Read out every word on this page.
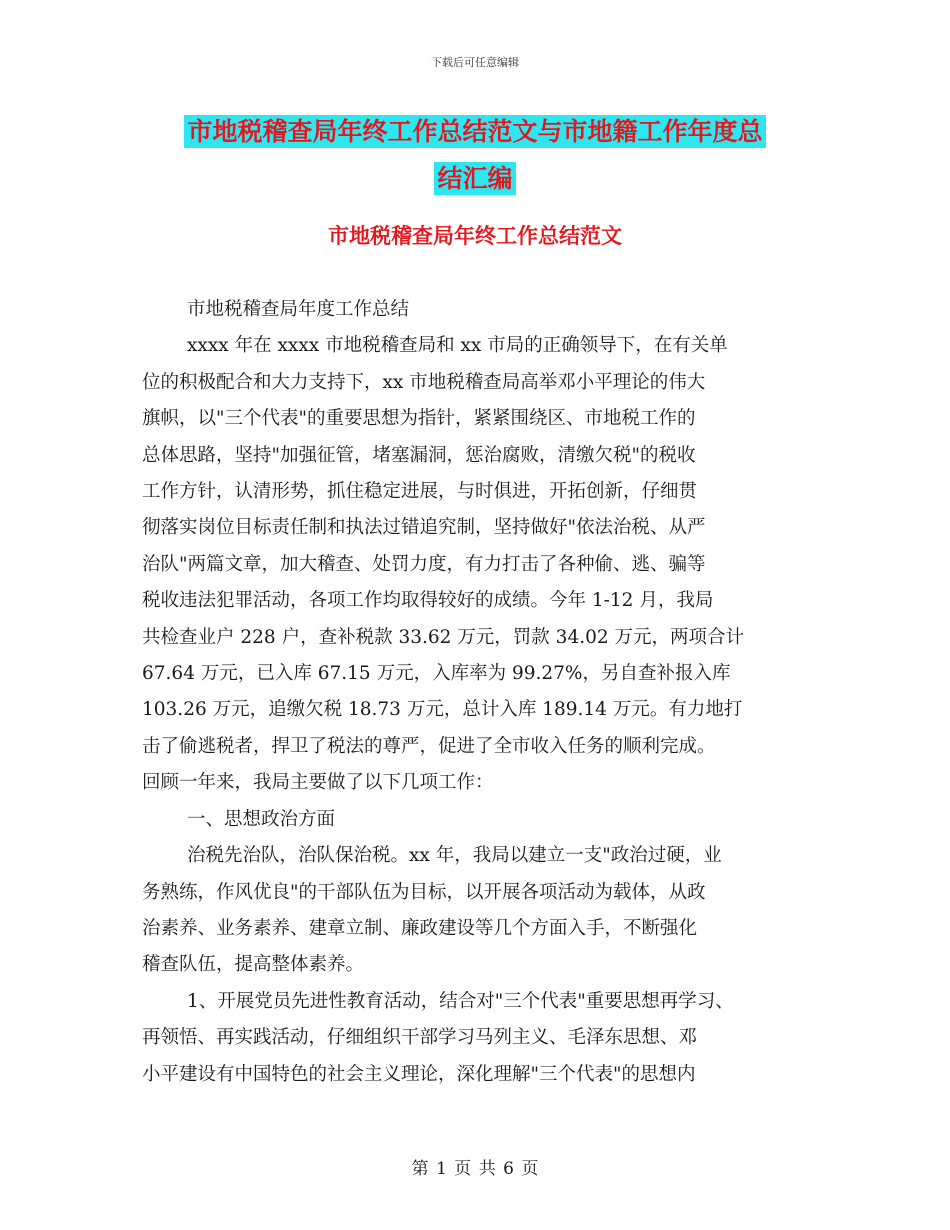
下载后可任意编辑
市地税稽查局年终工作总结范文与市地籍工作年度总
结汇编
市地税稽查局年终工作总结范文
市地税稽查局年度工作总结
xxxx 年在 xxxx 市地税稽查局和 xx 市局的正确领导下，在有关单
位的积极配合和大力支持下，xx 市地税稽查局高举邓小平理论的伟大
旗帜，以"三个代表"的重要思想为指针，紧紧围绕区、市地税工作的
总体思路，坚持"加强征管，堵塞漏洞，惩治腐败，清缴欠税"的税收
工作方针，认清形势，抓住稳定进展，与时俱进，开拓创新，仔细贯
彻落实岗位目标责任制和执法过错追究制，坚持做好"依法治税、从严
治队"两篇文章，加大稽查、处罚力度，有力打击了各种偷、逃、骗等
税收违法犯罪活动，各项工作均取得较好的成绩。今年 1-12 月，我局
共检查业户 228 户，查补税款 33.62 万元，罚款 34.02 万元，两项合计
67.64 万元，已入库 67.15 万元，入库率为 99.27%，另自查补报入库
103.26 万元，追缴欠税 18.73 万元，总计入库 189.14 万元。有力地打
击了偷逃税者，捍卫了税法的尊严，促进了全市收入任务的顺利完成。
回顾一年来，我局主要做了以下几项工作：
一、思想政治方面
治税先治队，治队保治税。xx 年，我局以建立一支"政治过硬，业
务熟练，作风优良"的干部队伍为目标，以开展各项活动为载体，从政
治素养、业务素养、建章立制、廉政建设等几个方面入手，不断强化
稽查队伍，提高整体素养。
1、开展党员先进性教育活动，结合对"三个代表"重要思想再学习、
再领悟、再实践活动，仔细组织干部学习马列主义、毛泽东思想、邓
小平建设有中国特色的社会主义理论，深化理解"三个代表"的思想内
第 1 页 共 6 页
